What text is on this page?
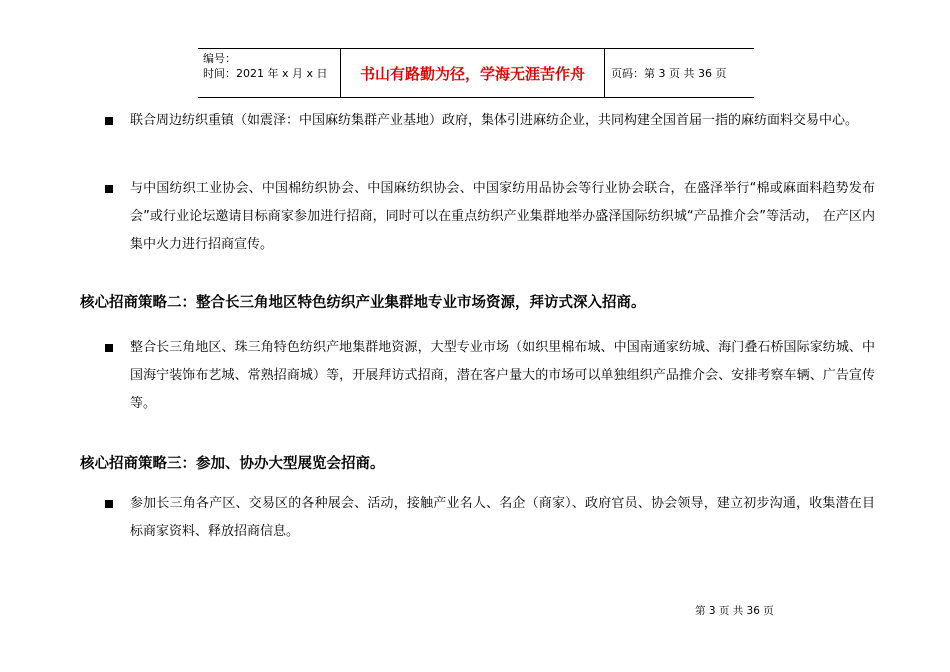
编号：
时间：2021 年 x 月 x 日	书山有路勤为径，学海无涯苦作舟	页码：第 3 页 共 36 页
联合周边纺织重镇（如震泽：中国麻纺集群产业基地）政府，集体引进麻纺企业，共同构建全国首届一指的麻纺面料交易中心。
与中国纺织工业协会、中国棉纺织协会、中国麻纺织协会、中国家纺用品协会等行业协会联合，在盛泽举行“棉或麻面料趋势发布会”或行业论坛邀请目标商家参加进行招商，同时可以在重点纺织产业集群地举办盛泽国际纺织城“产品推介会”等活动， 在产区内集中火力进行招商宣传。
核心招商策略二：整合长三角地区特色纺织产业集群地专业市场资源，拜访式深入招商。
整合长三角地区、珠三角特色纺织产地集群地资源，大型专业市场（如织里棉布城、中国南通家纺城、海门叠石桥国际家纺城、中国海宁装饰布艺城、常熟招商城）等，开展拜访式招商，潜在客户量大的市场可以单独组织产品推介会、安排考察车辆、广告宣传等。
核心招商策略三：参加、协办大型展览会招商。
参加长三角各产区、交易区的各种展会、活动，接触产业名人、名企（商家）、政府官员、协会领导，建立初步沟通，收集潜在目标商家资料、释放招商信息。
第 3 页 共 36 页
